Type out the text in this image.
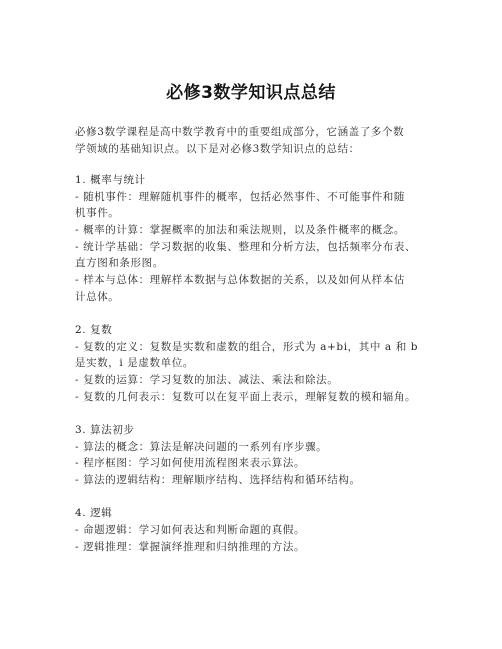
必修3数学知识点总结
必修3数学课程是高中数学教育中的重要组成部分，它涵盖了多个数
学领域的基础知识点。以下是对必修3数学知识点的总结：
1. 概率与统计
- 随机事件：理解随机事件的概率，包括必然事件、不可能事件和随
机事件。
- 概率的计算：掌握概率的加法和乘法规则，以及条件概率的概念。
- 统计学基础：学习数据的收集、整理和分析方法，包括频率分布表、
直方图和条形图。
- 样本与总体：理解样本数据与总体数据的关系，以及如何从样本估
计总体。
2. 复数
- 复数的定义：复数是实数和虚数的组合，形式为 a+bi，其中 a 和 b
是实数，i 是虚数单位。
- 复数的运算：学习复数的加法、减法、乘法和除法。
- 复数的几何表示：复数可以在复平面上表示，理解复数的模和辐角。
3. 算法初步
- 算法的概念：算法是解决问题的一系列有序步骤。
- 程序框图：学习如何使用流程图来表示算法。
- 算法的逻辑结构：理解顺序结构、选择结构和循环结构。
4. 逻辑
- 命题逻辑：学习如何表达和判断命题的真假。
- 逻辑推理：掌握演绎推理和归纳推理的方法。
